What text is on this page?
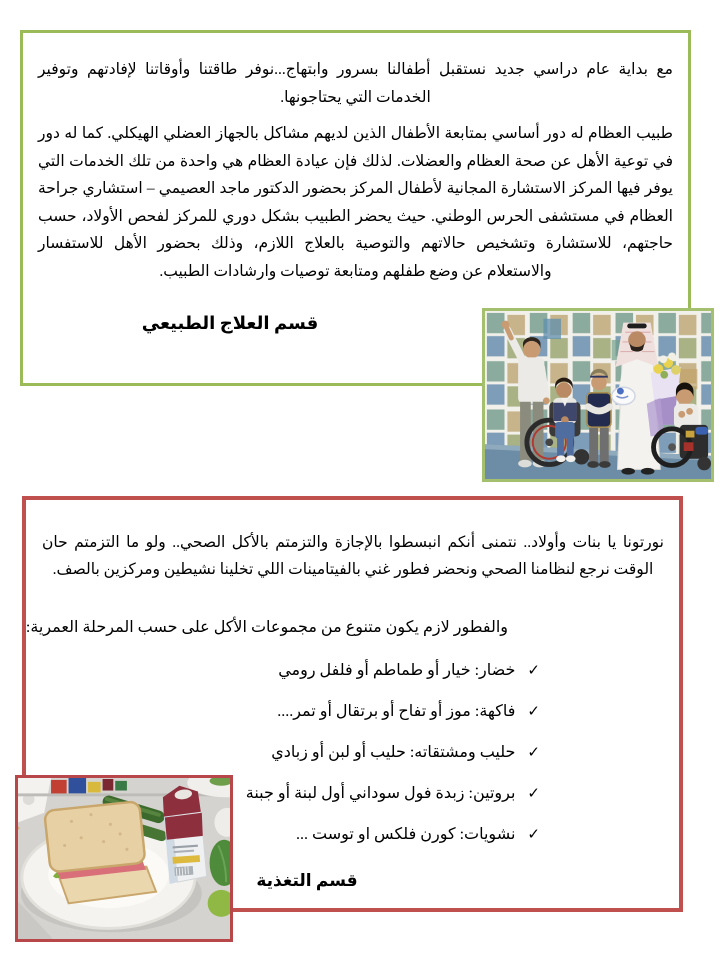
مع بداية عام دراسي جديد نستقبل أطفالنا بسرور وابتهاج...نوفر طاقتنا وأوقاتنا لإفادتهم وتوفير الخدمات التي يحتاجونها.

طبيب العظام له دور أساسي بمتابعة الأطفال الذين لديهم مشاكل بالجهاز العضلي الهيكلي. كما له دور في توعية الأهل عن صحة العظام والعضلات. لذلك فإن عيادة العظام هي واحدة من تلك الخدمات التي يوفر فيها المركز الاستشارة المجانية لأطفال المركز بحضور الدكتور ماجد العصيمي – استشاري جراحة العظام في مستشفى الحرس الوطني. حيث يحضر الطبيب بشكل دوري للمركز لفحص الأولاد، حسب حاجتهم، للاستشارة وتشخيص حالاتهم والتوصية بالعلاج اللازم، وذلك بحضور الأهل للاستفسار والاستعلام عن وضع طفلهم ومتابعة توصيات وارشادات الطبيب.

قسم العلاج الطبيعي

نورتونا يا بنات وأولاد.. نتمنى أنكم انبسطوا بالإجازة والتزمتم بالأكل الصحي.. ولو ما التزمتم حان الوقت نرجع لنظامنا الصحي ونحضر فطور غني بالفيتامينات اللي تخلينا نشيطين ومركزين بالصف.

والفطور لازم يكون متنوع من مجموعات الأكل على حسب المرحلة العمرية:
✓خضار: خيار أو طماطم أو فلفل رومي
✓فاكهة: موز أو تفاح أو برتقال أو تمر....
✓حليب ومشتقاته: حليب أو لبن أو زبادي
✓بروتين: زبدة فول سوداني أول لبنة أو جبنة
✓نشويات: كورن فلكس او توست ...
قسم التغذية
